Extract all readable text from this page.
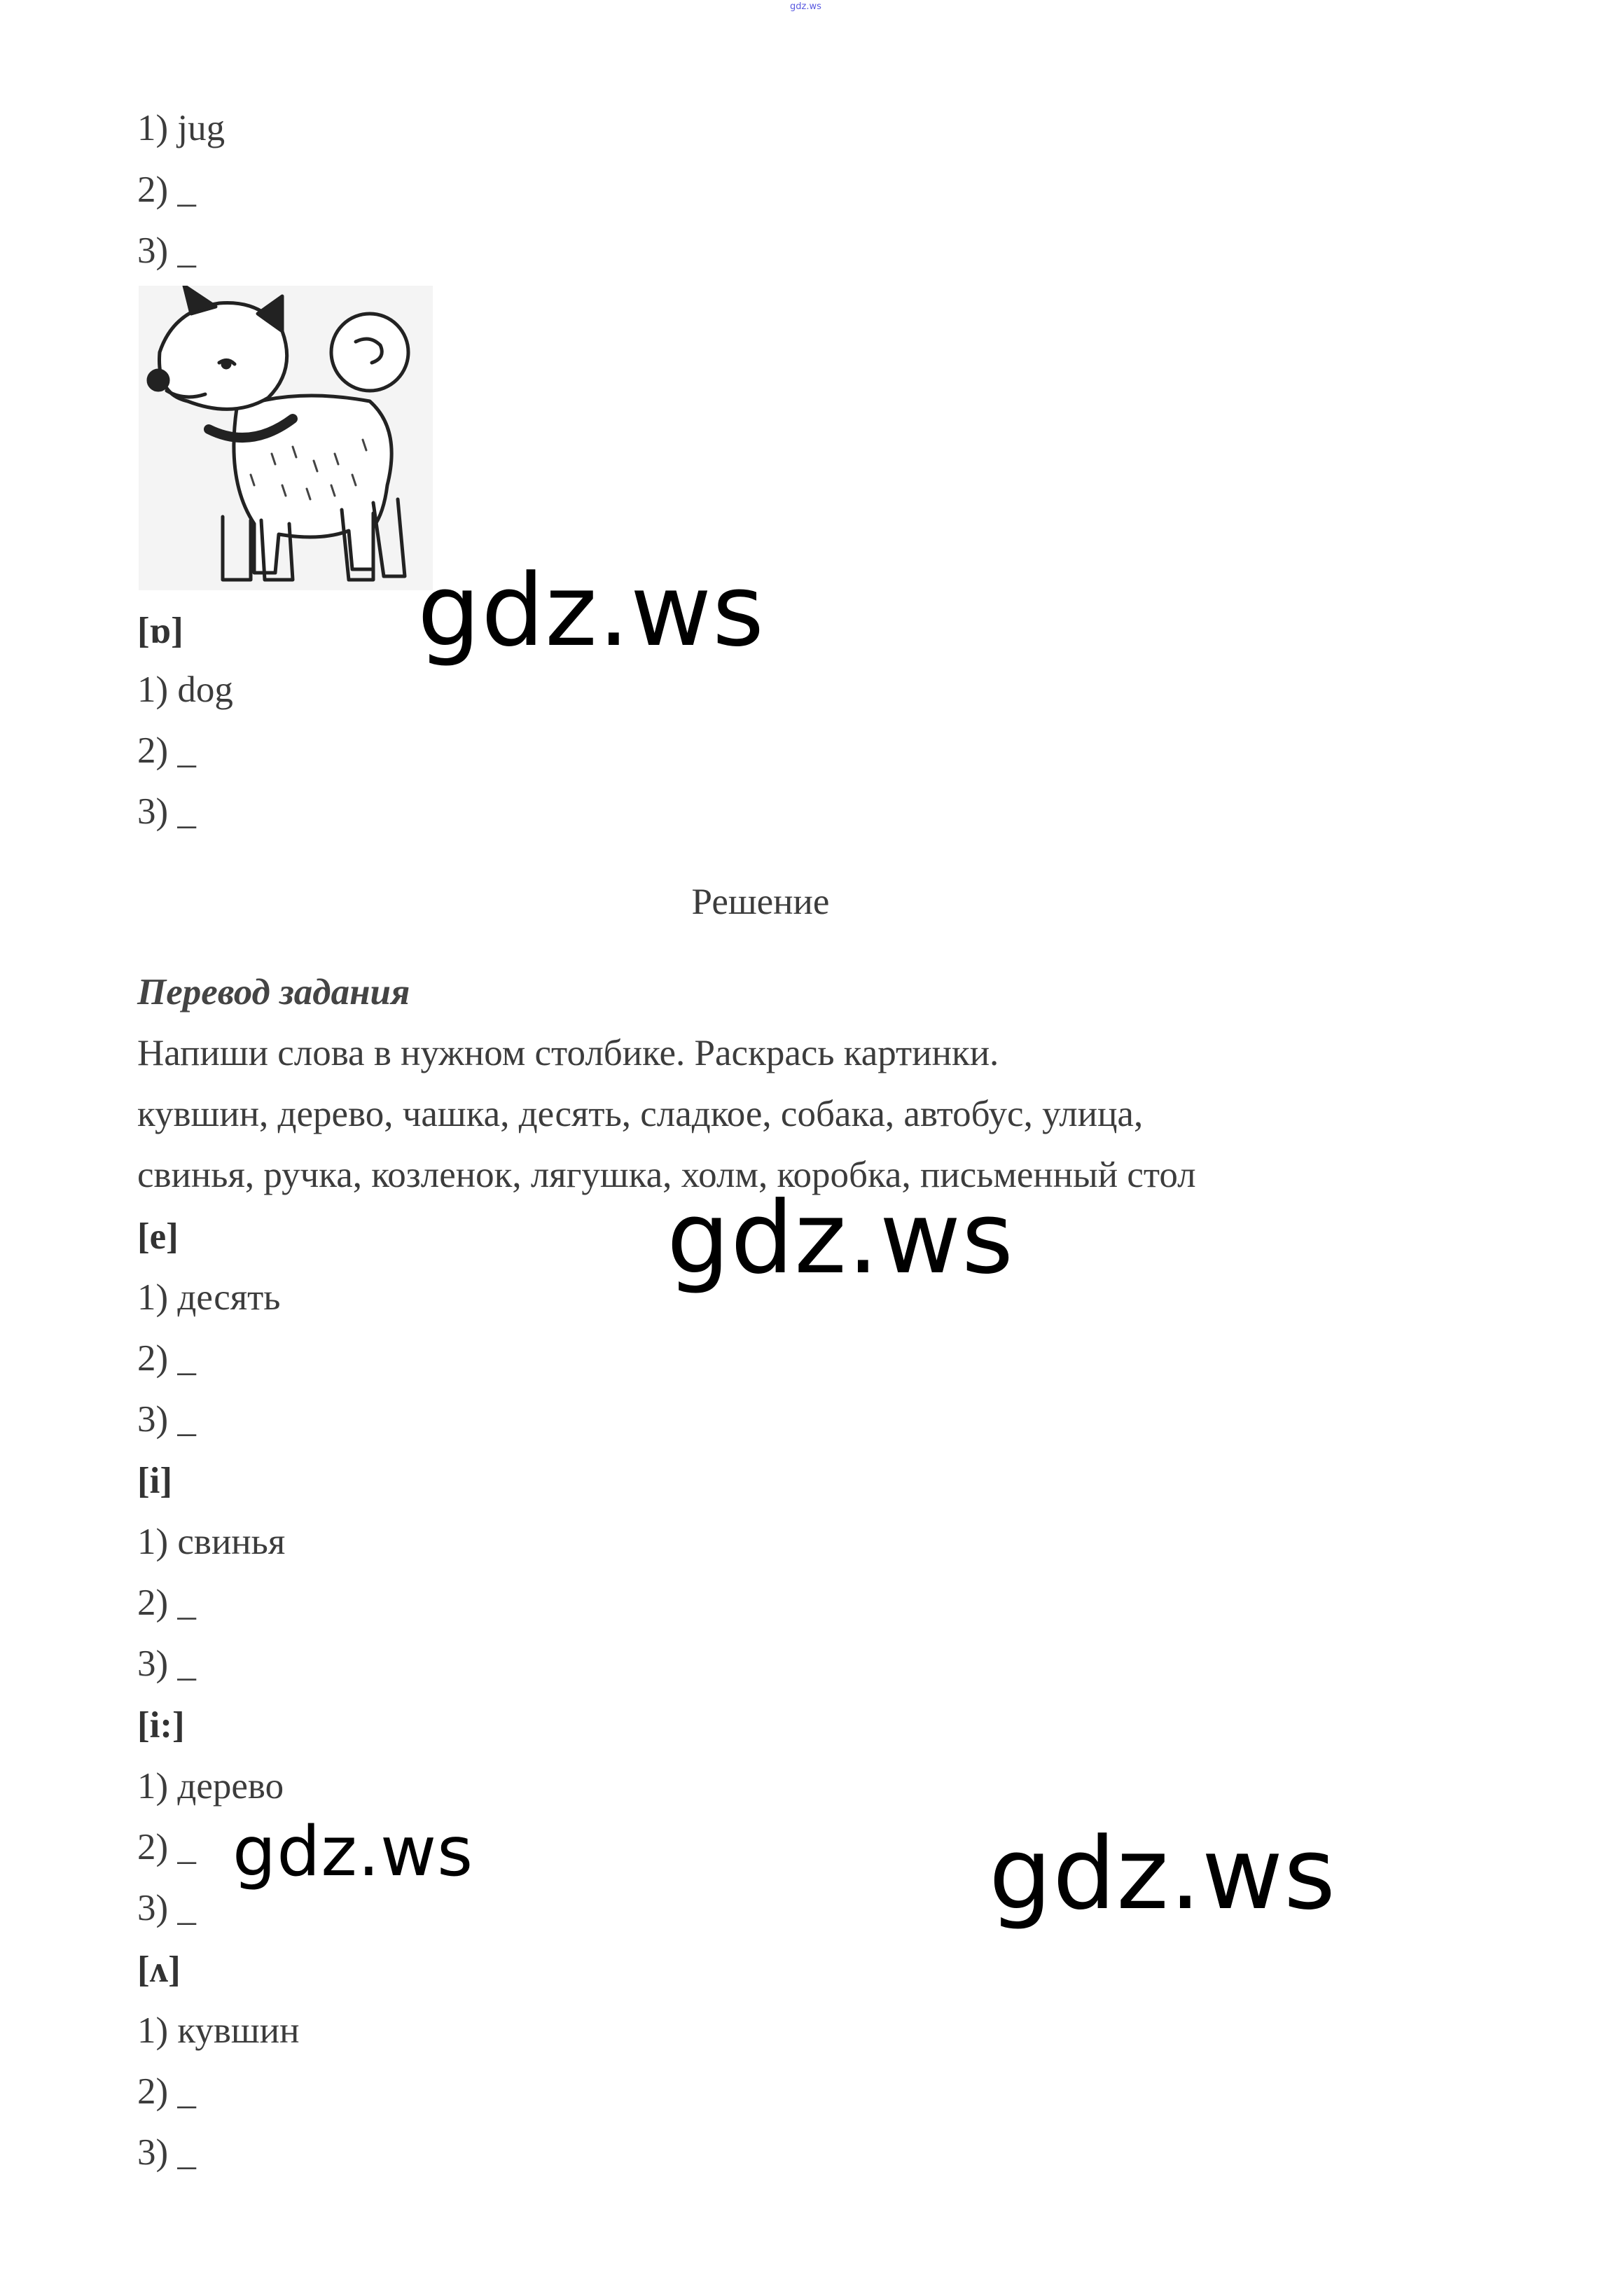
gdz.ws
1) jug
2) _
3) _
[ɒ]
1) dog
2) _
3) _
Решение
Перевод задания
Напиши слова в нужном столбике. Раскрась картинки.
кувшин, дерево, чашка, десять, сладкое, собака, автобус, улица,
свинья, ручка, козленок, лягушка, холм, коробка, письменный стол
[e]
1) десять
2) _
3) _
[i]
1) свинья
2) _
3) _
[i:]
1) дерево
2) _
3) _
[ʌ]
1) кувшин
2) _
3) _
gdz.ws
gdz.ws
gdz.ws	gdz.ws
